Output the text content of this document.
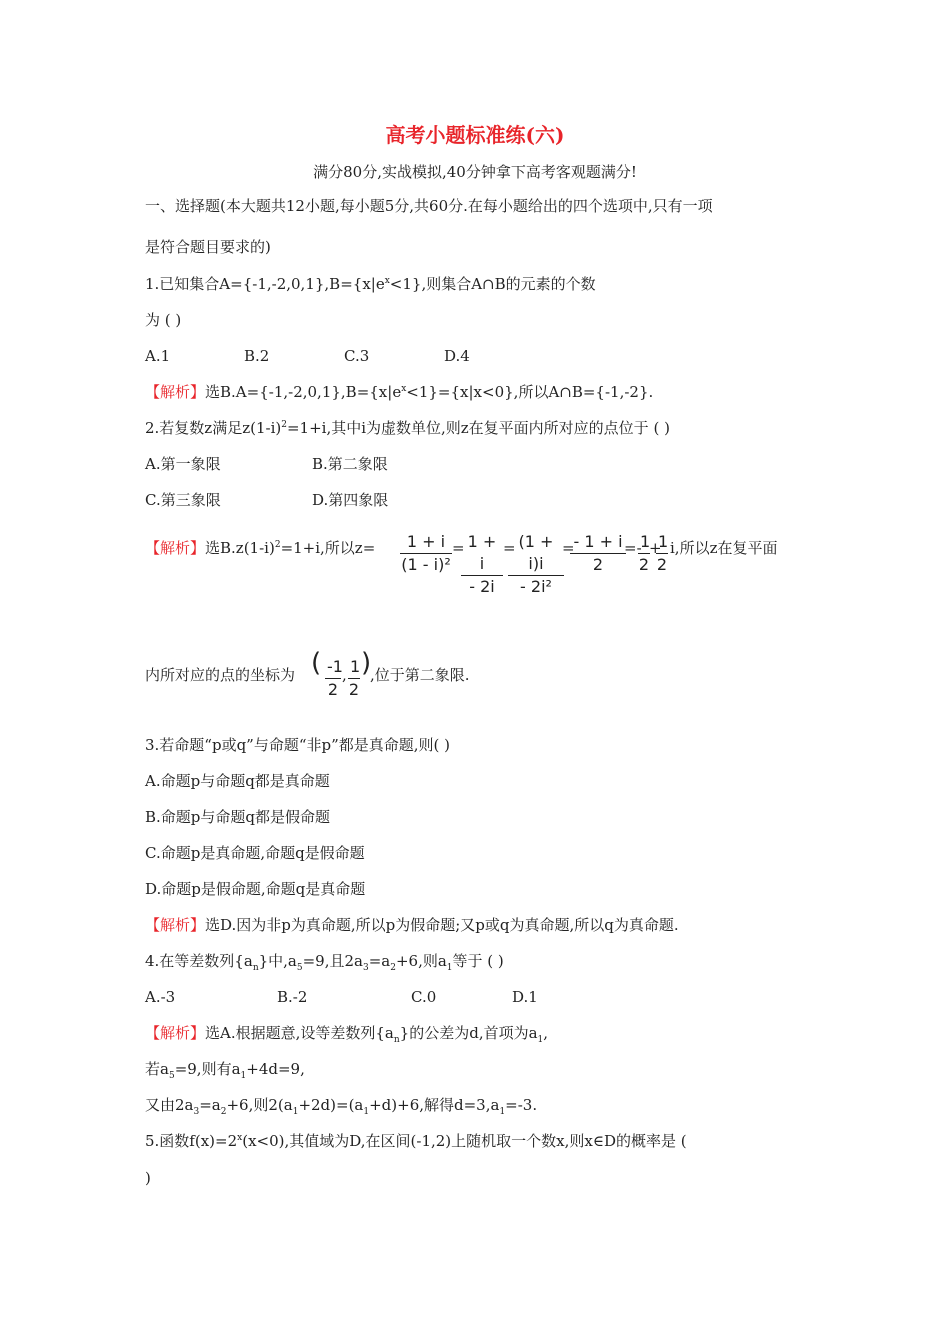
高考小题标准练(六)
满分80分,实战模拟,40分钟拿下高考客观题满分!
一、选择题(本大题共12小题,每小题5分,共60分.在每小题给出的四个选项中,只有一项
是符合题目要求的)
1.已知集合$A=\{-1,-2,0,1\},B=\{x|e^x<1\}$,则集合A∩B的元素的个数
为 ( )
A.1	B.2	C.3	D.4
【解析】选$B.A=\{-1,-2,0,1\},B=\{x|e^x<1\}=\{x|x<0\}$,所以A∩B={-1,-2}.
2.若复数z满足$z(1-i)^2=1+i$,其中i为虚数单位,则z在复平面内所对应的点位于 ( )
A.第一象限	B.第二象限
C.第三象限	D.第四象限
【解析】选$B.z(1-i)^2=1+i$,所以$z= \frac{1 + i}{\text{(1 - i)²}}$ =
$\frac{1 + i}{- 2i}$ =
$\frac{(1 + i)i}{\text{- 2i²}}$
=
$\frac{- 1 + i}{2}$
=-
$\frac{1}{2}$ +
$\frac{1}{2} i$,所以z在复平面
内所对应的点的坐标为 ( $\frac{-1}{2}$ , $\frac{1}{2}$ )
,位于第二象限.
3.若命题“p或q”与命题“非p”都是真命题,则( )
A.命题p与命题q都是真命题
B.命题p与命题q都是假命题
C.命题p是真命题,命题q是假命题
D.命题p是假命题,命题q是真命题
【解析】选D.因为非p为真命题,所以p为假命题;又p或q为真命题,所以q为真命题.
4.在等差数列$\{a_n\}$中$,a_5=9$,且$2a_3=a_2+6$,则$a_1$等于 ( )
A.-3	B.-2	C.0	D.1
【解析】选A.根据题意,设等差数列$\{a_n\}$的公差为d,首项为$a_1$,
若$a_5=9$,则有$a_1+4d=9$,
又由$2a_3=a_2+6$,则$2(a_1+2d)=(a_1+d)+6$,解得$d=3,a_1=-3$.
5.函数$f(x)=2^x(x<0)$,其值域为D,在区间(-1,2)上随机取一个数x,则x∈D的概率是 (
)
